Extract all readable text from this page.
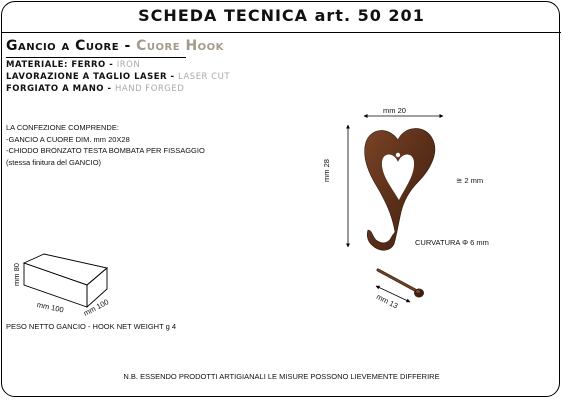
SCHEDA TECNICA art. 50 201
Gancio a Cuore - Cuore Hook
MATERIALE: FERRO - IRON
LAVORAZIONE A TAGLIO LASER - LASER CUT
FORGIATO A MANO - HAND FORGED
LA CONFEZIONE COMPRENDE:
-GANCIO A CUORE DIM. mm 20X28
-CHIODO BRONZATO TESTA BOMBATA PER FISSAGGIO
(stessa finitura del GANCIO)
mm 20
mm 28	≅ 2 mm
CURVATURA Φ 6 mm
mm 13
mm 80
mm 100 mm 100
PESO NETTO GANCIO - HOOK NET WEIGHT g 4
N.B. ESSENDO PRODOTTI ARTIGIANALI LE MISURE POSSONO LIEVEMENTE DIFFERIRE
